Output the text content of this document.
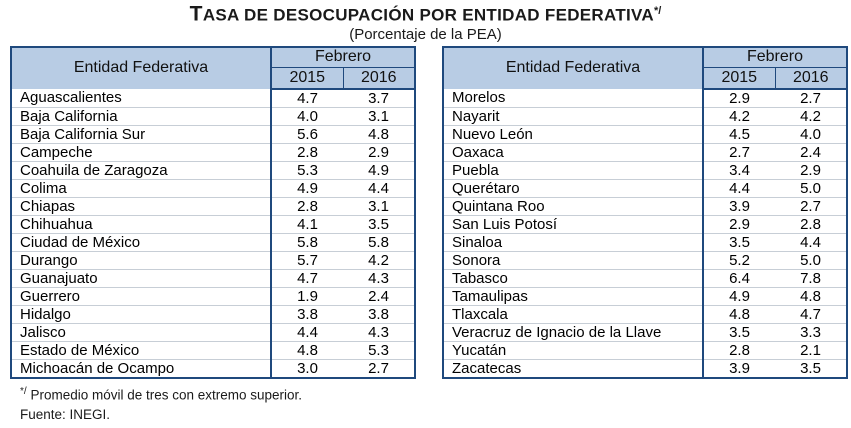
TASA DE DESOCUPACIÓN POR ENTIDAD FEDERATIVA*/
(Porcentaje de la PEA)
Entidad Federativa	Febrero	
	2015	2016
Aguascalientes	4.7	3.7
Baja California	4.0	3.1
Baja California Sur	5.6	4.8
Campeche	2.8	2.9
Coahuila de Zaragoza	5.3	4.9
Colima	4.9	4.4
Chiapas	2.8	3.1
Chihuahua	4.1	3.5
Ciudad de México	5.8	5.8
Durango	5.7	4.2
Guanajuato	4.7	4.3
Guerrero	1.9	2.4
Hidalgo	3.8	3.8
Jalisco	4.4	4.3
Estado de México	4.8	5.3
Michoacán de Ocampo	3.0	2.7
Entidad Federativa	Febrero	
	2015	2016
Morelos	2.9	2.7
Nayarit	4.2	4.2
Nuevo León	4.5	4.0
Oaxaca	2.7	2.4
Puebla	3.4	2.9
Querétaro	4.4	5.0
Quintana Roo	3.9	2.7
San Luis Potosí	2.9	2.8
Sinaloa	3.5	4.4
Sonora	5.2	5.0
Tabasco	6.4	7.8
Tamaulipas	4.9	4.8
Tlaxcala	4.8	4.7
Veracruz de Ignacio de la Llave	3.5	3.3
Yucatán	2.8	2.1
Zacatecas	3.9	3.5
*/ Promedio móvil de tres con extremo superior.
Fuente: INEGI.
